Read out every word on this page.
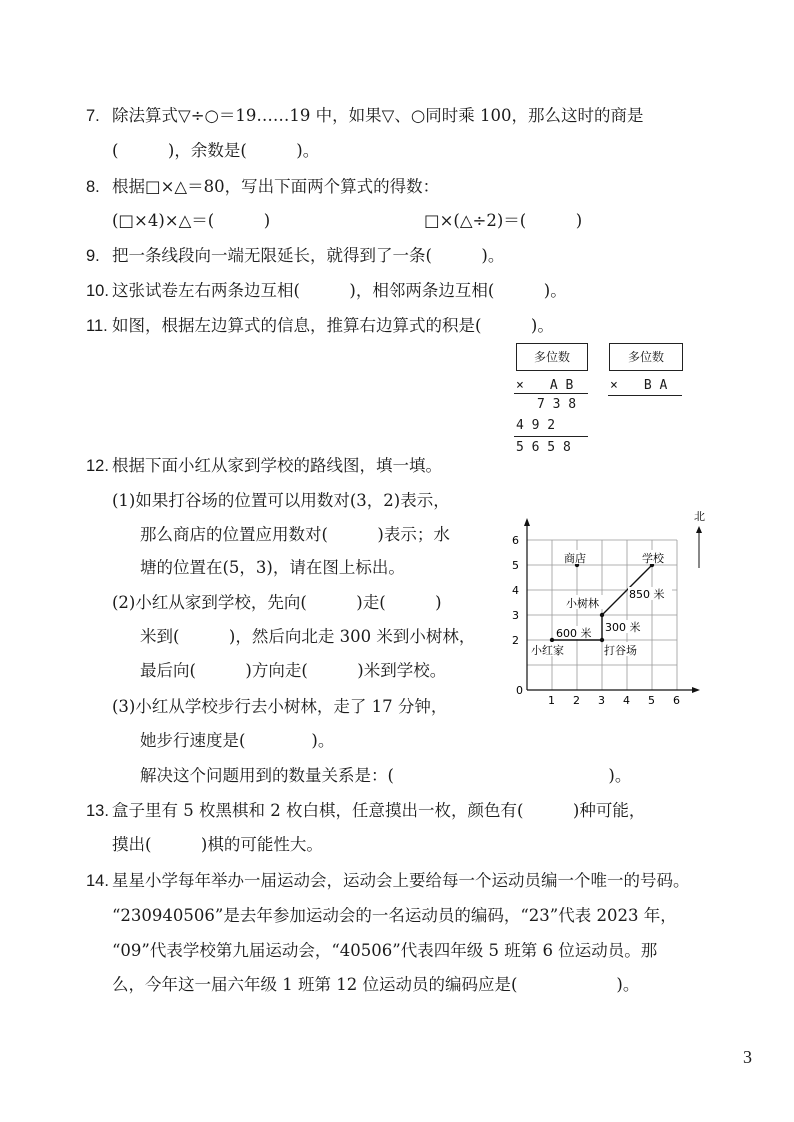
7. 除法算式▽÷○＝19……19 中，如果▽、○同时乘 100，那么这时的商是
(　　　)，余数是(　　　)。
8. 根据□×△＝80，写出下面两个算式的得数：
(□×4)×△＝(　　　)	□×(△÷2)＝(　　　)
9. 把一条线段向一端无限延长，就得到了一条(　　　)。
10. 这张试卷左右两条边互相(　　　)，相邻两条边互相(　　　)。
11. 如图，根据左边算式的信息，推算右边算式的积是(　　　)。
多位数
×　　A B
7 3 8
4 9 2
5 6 5 8
多位数
×　　B A
12. 根据下面小红从家到学校的路线图，填一填。
(1)如果打谷场的位置可以用数对(3，2)表示，
那么商店的位置应用数对(　　　)表示；水
塘的位置在(5，3)，请在图上标出。
(2)小红从家到学校，先向(　　　)走(　　　)
米到(　　　)，然后向北走 300 米到小树林，
最后向(　　　)方向走(　　　)米到学校。
(3)小红从学校步行去小树林，走了 17 分钟，
她步行速度是(　　　　)。
解决这个问题用到的数量关系是：(　　　　　　　　　　　　　)。
0
1 2 3 4 5 6
2
3
4
5
6
北
小红家
商店	学校
小树林
打谷场
600 米 300 米
850 米
13. 盒子里有 5 枚黑棋和 2 枚白棋，任意摸出一枚，颜色有(　　　)种可能，
摸出(　　　)棋的可能性大。
14. 星星小学每年举办一届运动会，运动会上要给每一个运动员编一个唯一的号码。
“230940506”是去年参加运动会的一名运动员的编码，“23”代表 2023 年，
“09”代表学校第九届运动会，“40506”代表四年级 5 班第 6 位运动员。那
么，今年这一届六年级 1 班第 12 位运动员的编码应是(　　　　　　)。
3
